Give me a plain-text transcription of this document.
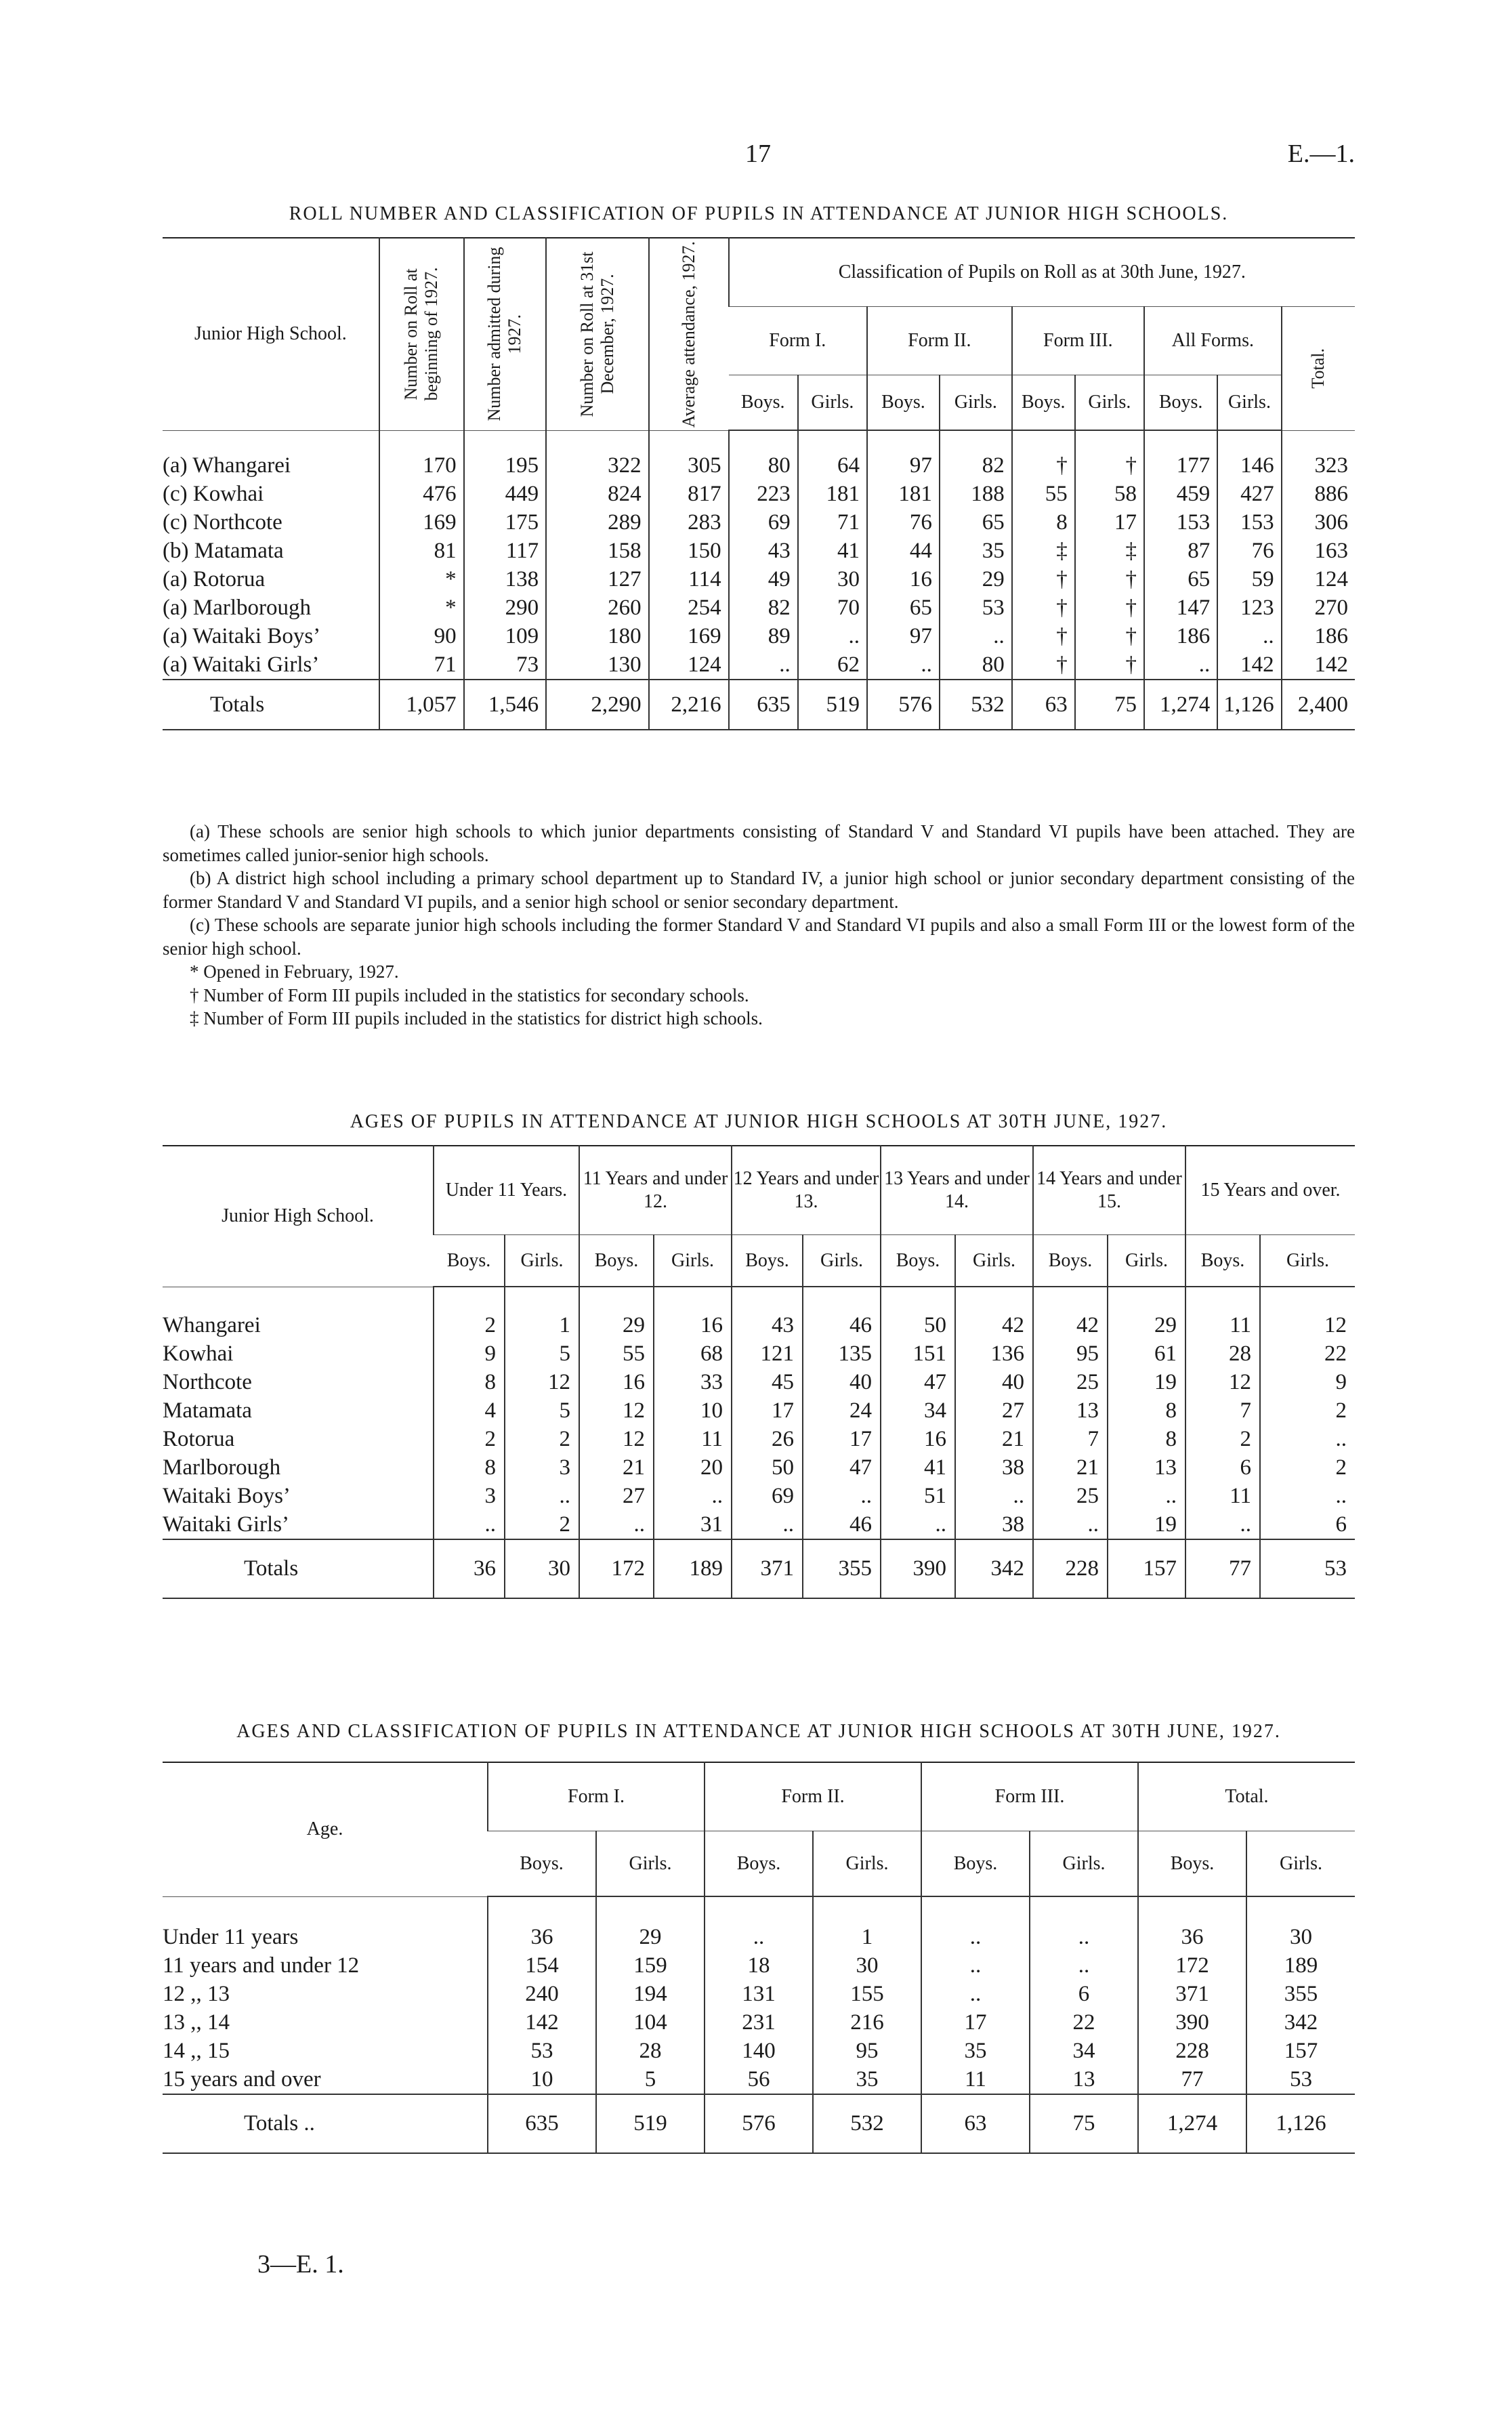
17	E.—1.
ROLL NUMBER AND CLASSIFICATION OF PUPILS IN ATTENDANCE AT JUNIOR HIGH SCHOOLS.
Junior High School.	Number on Roll at beginning of 1927.	Number admitted during 1927.	Number on Roll at 31st December, 1927.	Average attendance, 1927.	Classification of Pupils on Roll as at 30th June, 1927.								
					Form I.		Form II.		Form III.		All Forms.		Total.

					Boys.	Girls.	Boys.	Girls.	Boys.	Girls.	Boys.	Girls.	

(a) Whangarei	170	195	322	305	80	64	97	82	†	†	177	146	323
(c) Kowhai	476	449	824	817	223	181	181	188	55	58	459	427	886
(c) Northcote	169	175	289	283	69	71	76	65	8	17	153	153	306
(b) Matamata	81	117	158	150	43	41	44	35	‡	‡	87	76	163
(a) Rotorua	*	138	127	114	49	30	16	29	†	†	65	59	124
(a) Marlborough	*	290	260	254	82	70	65	53	†	†	147	123	270
(a) Waitaki Boys’	90	109	180	169	89	..	97	..	†	†	186	..	186
(a) Waitaki Girls’	71	73	130	124	..	62	..	80	†	†	..	142	142
Totals	1,057	1,546	2,290	2,216	635	519	576	532	63	75	1,274	1,126	2,400

(a) These schools are senior high schools to which junior departments consisting of Standard V and Standard VI pupils have been attached. They are sometimes called junior-senior high schools.

(b) A district high school including a primary school department up to Standard IV, a junior high school or junior secondary department consisting of the former Standard V and Standard VI pupils, and a senior high school or senior secondary department.

(c) These schools are separate junior high schools including the former Standard V and Standard VI pupils and also a small Form III or the lowest form of the senior high school.

* Opened in February, 1927.

† Number of Form III pupils included in the statistics for secondary schools.

‡ Number of Form III pupils included in the statistics for district high schools.

AGES OF PUPILS IN ATTENDANCE AT JUNIOR HIGH SCHOOLS AT 30TH JUNE, 1927.
Junior High School.	Under 11 Years.		11 Years and under 12.		12 Years and under 13.		13 Years and under 14.		14 Years and under 15.		15 Years and over.	
	Boys.	Girls.	Boys.	Girls.	Boys.	Girls.	Boys.	Girls.	Boys.	Girls.	Boys.	Girls.

Whangarei	2	1	29	16	43	46	50	42	42	29	11	12
Kowhai	9	5	55	68	121	135	151	136	95	61	28	22
Northcote	8	12	16	33	45	40	47	40	25	19	12	9
Matamata	4	5	12	10	17	24	34	27	13	8	7	2
Rotorua	2	2	12	11	26	17	16	21	7	8	2	..
Marlborough	8	3	21	20	50	47	41	38	21	13	6	2
Waitaki Boys’	3	..	27	..	69	..	51	..	25	..	11	..
Waitaki Girls’	..	2	..	31	..	46	..	38	..	19	..	6
Totals	36	30	172	189	371	355	390	342	228	157	77	53
AGES AND CLASSIFICATION OF PUPILS IN ATTENDANCE AT JUNIOR HIGH SCHOOLS AT 30TH JUNE, 1927.
Age.	Form I.		Form II.		Form III.		Total.	
	Boys.	Girls.	Boys.	Girls.	Boys.	Girls.	Boys.	Girls.

Under 11 years	36	29	..	1	..	..	36	30
11 years and under 12	154	159	18	30	..	..	172	189
12 ,, 13	240	194	131	155	..	6	371	355
13 ,, 14	142	104	231	216	17	22	390	342
14 ,, 15	53	28	140	95	35	34	228	157
15 years and over	10	5	56	35	11	13	77	53
Totals ..	635	519	576	532	63	75	1,274	1,126
3—E. 1.
